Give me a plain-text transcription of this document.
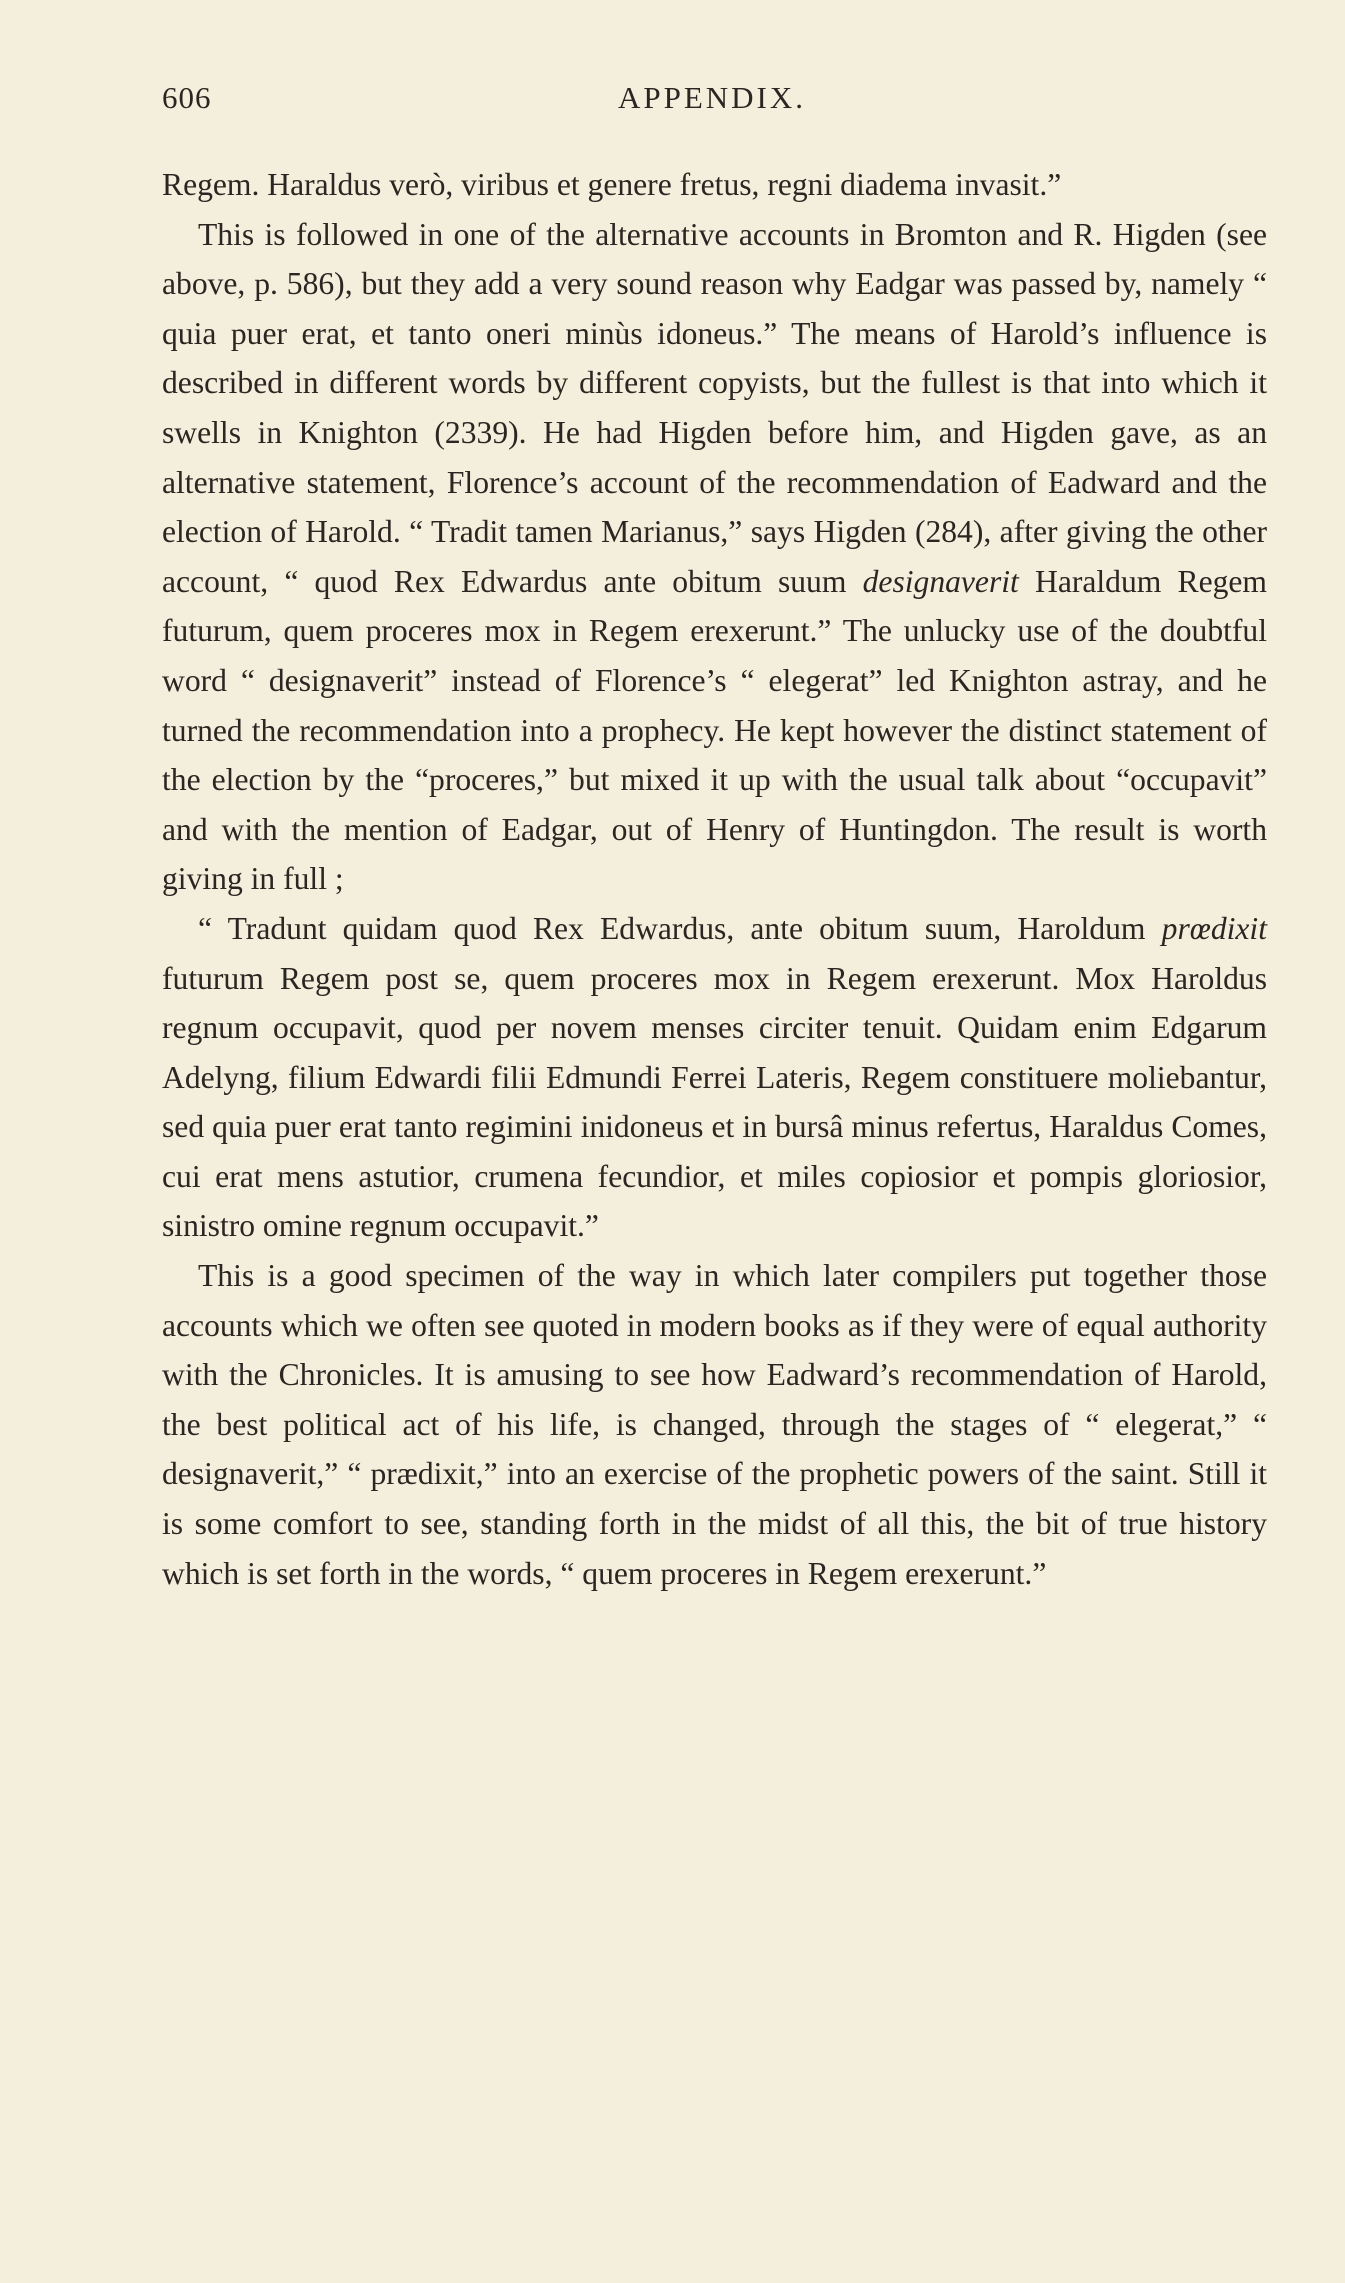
606	APPENDIX.

Regem. Haraldus verò, viribus et genere fretus, regni diadema invasit.”

This is followed in one of the alternative accounts in Bromton and R. Higden (see above, p. 586), but they add a very sound reason why Eadgar was passed by, namely “ quia puer erat, et tanto oneri minùs idoneus.” The means of Harold’s influence is described in different words by different copyists, but the fullest is that into which it swells in Knighton (2339). He had Higden before him, and Higden gave, as an alternative statement, Florence’s account of the recommendation of Eadward and the election of Harold. “ Tradit tamen Marianus,” says Higden (284), after giving the other account, “ quod Rex Edwardus ante obitum suum designaverit Haraldum Regem futurum, quem proceres mox in Regem erexerunt.” The unlucky use of the doubtful word “ designaverit” instead of Florence’s “ elegerat” led Knighton astray, and he turned the recommendation into a prophecy. He kept however the distinct statement of the election by the “proceres,” but mixed it up with the usual talk about “occupavit” and with the mention of Eadgar, out of Henry of Huntingdon. The result is worth giving in full ;

“ Tradunt quidam quod Rex Edwardus, ante obitum suum, Haroldum prœdixit futurum Regem post se, quem proceres mox in Regem erexerunt. Mox Haroldus regnum occupavit, quod per novem menses circiter tenuit. Quidam enim Edgarum Adelyng, filium Edwardi filii Edmundi Ferrei Lateris, Regem constituere moliebantur, sed quia puer erat tanto regimini inidoneus et in bursâ minus refertus, Haraldus Comes, cui erat mens astutior, crumena fecundior, et miles copiosior et pompis gloriosior, sinistro omine regnum occupavit.”

This is a good specimen of the way in which later compilers put together those accounts which we often see quoted in modern books as if they were of equal authority with the Chronicles. It is amusing to see how Eadward’s recommendation of Harold, the best political act of his life, is changed, through the stages of “ elegerat,” “ designaverit,” “ prædixit,” into an exercise of the prophetic powers of the saint. Still it is some comfort to see, standing forth in the midst of all this, the bit of true history which is set forth in the words, “ quem proceres in Regem erexerunt.”
